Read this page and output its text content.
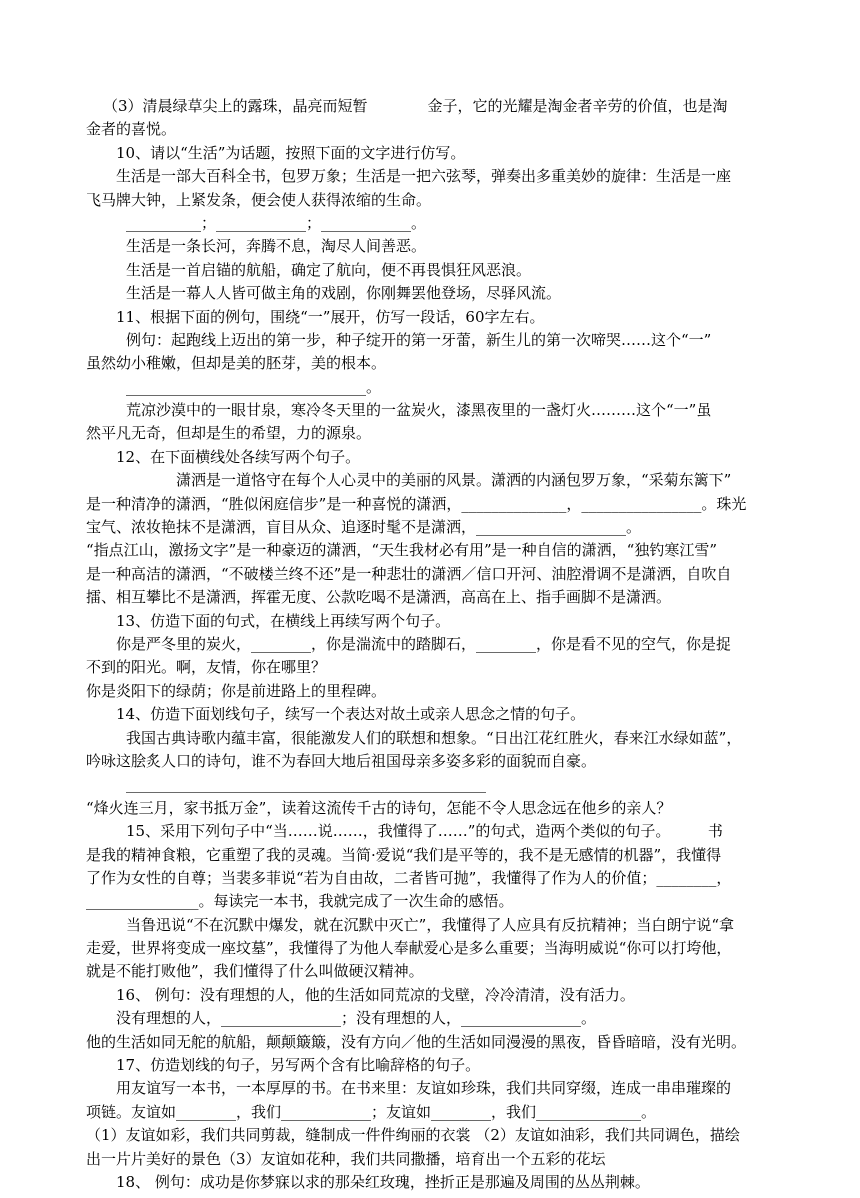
（3）清晨绿草尖上的露珠，晶亮而短暂　　　　金子，它的光耀是淘金者辛劳的价值，也是淘
金者的喜悦。
10、请以“生活”为话题，按照下面的文字进行仿写。
生活是一部大百科全书，包罗万象；生活是一把六弦琴，弹奏出多重美妙的旋律：生活是一座
飞马牌大钟，上紧发条，便会使人获得浓缩的生命。
__________；____________；____________。
生活是一条长河，奔腾不息，淘尽人间善恶。
生活是一首启锚的航船，确定了航向，便不再畏惧狂风恶浪。
生活是一幕人人皆可做主角的戏剧，你刚舞罢他登场，尽驿风流。
11、根据下面的例句，围绕“一”展开，仿写一段话，60字左右。
例句：起跑线上迈出的第一步，种子绽开的第一牙蕾，新生儿的第一次啼哭……这个“一”
虽然幼小稚嫩，但却是美的胚芽，美的根本。
________________________________。
荒凉沙漠中的一眼甘泉，寒冷冬天里的一盆炭火，漆黑夜里的一盏灯火………这个“一”虽
然平凡无奇，但却是生的希望，力的源泉。
12、在下面横线处各续写两个句子。
潇洒是一道恪守在每个人心灵中的美丽的风景。潇洒的内涵包罗万象，“采菊东篱下”
是一种清净的潇洒，“胜似闲庭信步”是一种喜悦的潇洒，______________，________________。珠光
宝气、浓妆艳抹不是潇洒，盲目从众、追逐时髦不是潇洒，____________________。
“指点江山，激扬文字”是一种豪迈的潇洒，“天生我材必有用”是一种自信的潇洒，“独钓寒江雪”
是一种高洁的潇洒，“不破楼兰终不还”是一种悲壮的潇洒／信口开河、油腔滑调不是潇洒，自吹自
擂、相互攀比不是潇洒，挥霍无度、公款吃喝不是潇洒，高高在上、指手画脚不是潇洒。
13、仿造下面的句式，在横线上再续写两个句子。
你是严冬里的炭火，________，你是湍流中的踏脚石，________，你是看不见的空气，你是捉
不到的阳光。啊，友情，你在哪里？
你是炎阳下的绿荫；你是前进路上的里程碑。
14、仿造下面划线句子，续写一个表达对故土或亲人思念之情的句子。
我国古典诗歌内蕴丰富，很能激发人们的联想和想象。“日出江花红胜火，春来江水绿如蓝”，
吟咏这脍炙人口的诗句，谁不为春回大地后祖国母亲多姿多彩的面貌而自豪。
________________________________________________
“烽火连三月，家书抵万金”，读着这流传千古的诗句，怎能不令人思念远在他乡的亲人？
15、采用下列句子中“当……说……，我懂得了……”的句式，造两个类似的句子。　　　书
是我的精神食粮，它重塑了我的灵魂。当简·爱说“我们是平等的，我不是无感情的机器”，我懂得
了作为女性的自尊；当裴多菲说“若为自由故，二者皆可抛”，我懂得了作为人的价值；________，
_______________。每读完一本书，我就完成了一次生命的感悟。
当鲁迅说“不在沉默中爆发，就在沉默中灭亡”，我懂得了人应具有反抗精神；当白朗宁说“拿
走爱，世界将变成一座坟墓”，我懂得了为他人奉献爱心是多么重要；当海明威说“你可以打垮他，
就是不能打败他”，我们懂得了什么叫做硬汉精神。
16、 例句：没有理想的人，他的生活如同荒凉的戈壁，冷冷清清，没有活力。
没有理想的人，________________；没有理想的人，________________。
他的生活如同无舵的航船，颠颠簸簸，没有方向／他的生活如同漫漫的黑夜，昏昏暗暗，没有光明。
17、仿造划线的句子，另写两个含有比喻辞格的句子。
用友谊写一本书，一本厚厚的书。在书来里：友谊如珍珠，我们共同穿缀，连成一串串璀璨的
项链。友谊如________，我们____________；友谊如________，我们______________。
（1）友谊如彩，我们共同剪裁，缝制成一件件绚丽的衣裳 （2）友谊如油彩，我们共同调色，描绘
出一片片美好的景色（3）友谊如花种，我们共同撒播，培育出一个五彩的花坛
18、 例句：成功是你梦寐以求的那朵红玫瑰，挫折正是那遍及周围的丛丛荆棘。
